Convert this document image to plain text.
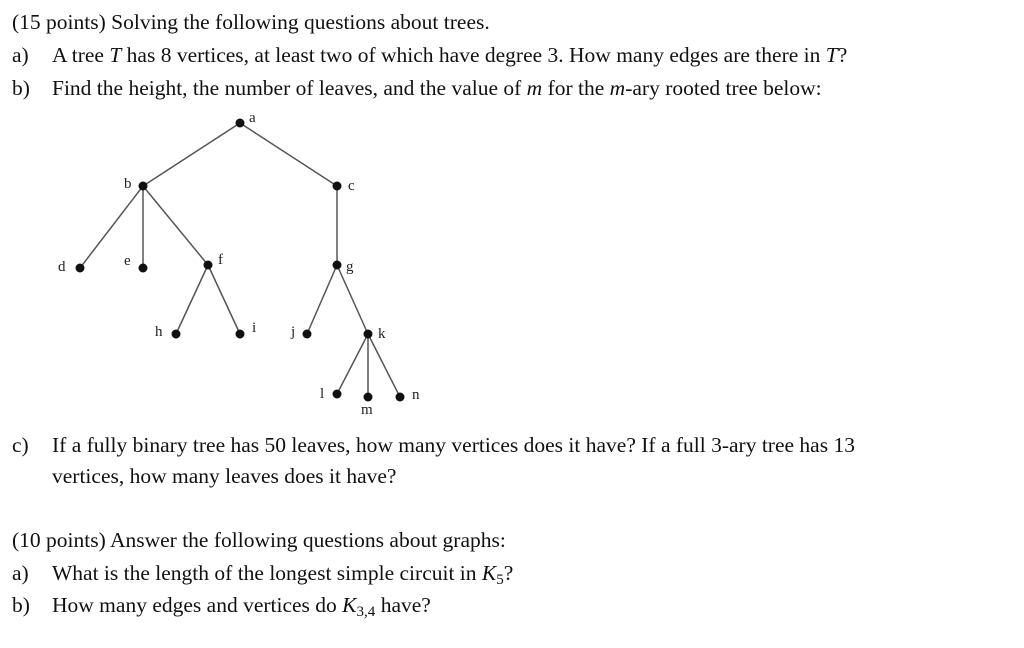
(15 points) Solving the following questions about trees.
a) A tree T has 8 vertices, at least two of which have degree 3. How many edges are there in T?
b) Find the height, the number of leaves, and the value of m for the m-ary rooted tree below:
a
b	c
d	e	f	g
h	i j	k
l
m
n
c) If a fully binary tree has 50 leaves, how many vertices does it have? If a full 3-ary tree has 13
vertices, how many leaves does it have?
(10 points) Answer the following questions about graphs:
a) What is the length of the longest simple circuit in $K_5$?
b) How many edges and vertices do $K_{3,4}$ have?
